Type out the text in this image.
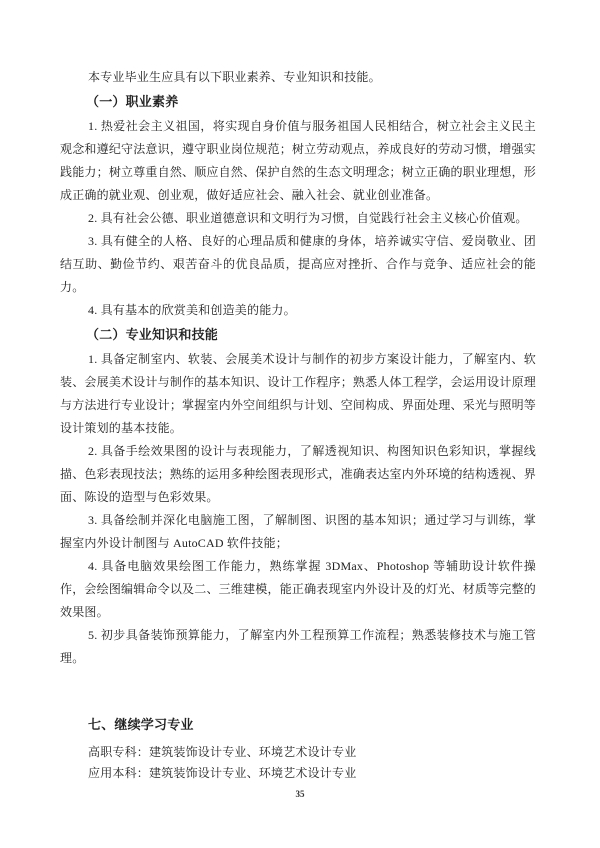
本专业毕业生应具有以下职业素养、专业知识和技能。

（一）职业素养

1. 热爱社会主义祖国，将实现自身价值与服务祖国人民相结合，树立社会主义民主观念和遵纪守法意识，遵守职业岗位规范；树立劳动观点，养成良好的劳动习惯，增强实践能力；树立尊重自然、顺应自然、保护自然的生态文明理念；树立正确的职业理想，形成正确的就业观、创业观，做好适应社会、融入社会、就业创业准备。

2. 具有社会公德、职业道德意识和文明行为习惯，自觉践行社会主义核心价值观。

3. 具有健全的人格、良好的心理品质和健康的身体，培养诚实守信、爱岗敬业、团结互助、勤俭节约、艰苦奋斗的优良品质，提高应对挫折、合作与竞争、适应社会的能力。

4. 具有基本的欣赏美和创造美的能力。

（二）专业知识和技能

1. 具备定制室内、软装、会展美术设计与制作的初步方案设计能力，了解室内、软装、会展美术设计与制作的基本知识、设计工作程序；熟悉人体工程学，会运用设计原理与方法进行专业设计；掌握室内外空间组织与计划、空间构成、界面处理、采光与照明等设计策划的基本技能。

2. 具备手绘效果图的设计与表现能力，了解透视知识、构图知识色彩知识，掌握线描、色彩表现技法；熟练的运用多种绘图表现形式，准确表达室内外环境的结构透视、界面、陈设的造型与色彩效果。

3. 具备绘制并深化电脑施工图，了解制图、识图的基本知识；通过学习与训练，掌握室内外设计制图与 AutoCAD 软件技能；

4. 具备电脑效果绘图工作能力，熟练掌握 3DMax、Photoshop 等辅助设计软件操作，会绘图编辑命令以及二、三维建模，能正确表现室内外设计及的灯光、材质等完整的效果图。

5. 初步具备装饰预算能力，了解室内外工程预算工作流程；熟悉装修技术与施工管理。

七、继续学习专业

高职专科：建筑装饰设计专业、环境艺术设计专业

应用本科：建筑装饰设计专业、环境艺术设计专业

35
